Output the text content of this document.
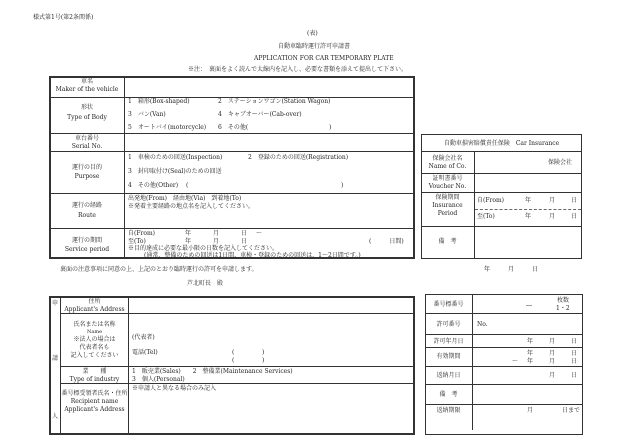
様式第1号(第2条関係)
(表)
自動車臨時運行許可申請書
APPLICATION FOR CAR TEMPORARY PLATE
※注：　裏面をよく読んで太線内を記入し、必要な書類を添えて提出して下さい。
車名
Maker of the vehicle
形状
Type of Body
1　箱形(Box-shaped)	2　ステーションワゴン(Station Wagon)
3　バン(Van)	4　キャブオーバー(Cab-over)
5　オートバイ(motorcycle) 6　その他(	)
車台番号
Serial No.
運行の目的
Purpose
1　車検のための回送(Inspection)	2　登録のための回送(Registration)
3　封印取付け(Seal)のための回送
4　その他(Other)　 (	)
運行の経路
Route
出発地(From)　経由地(Via)　到着地(To)
※発着主要経路の地点名を記入してください。
運行の期間
Service period
自(From)	年	月	日 ～
至(To)	年	月	日	(　　　日間)
※目的達成に必要な最小限の日数を記入してください。
(通常、整備のための回送は1日間、車検・登録のための回送は、1～2日間です。)
自動車損害賠償責任保険　Car Insurance
保険会社名
Name of Co.
保険会社
証明書番号
Voucher No.
保険期間
Insurance
Period
自(From)	年	月	日
至(To)	年	月	日
備　考
裏面の注意事項に同意の上、上記のとおり臨時運行の許可を申請します。	年	月	日
芦北町長　殿
申
請
人
住所
Applicant's Address
氏名または名称
Name
※法人の場合は
代表者名も
記入してください
(代表者)
電話(Tel)	(	)
(	)
業　　種
Type of industry
1　販売業(Sales)　　2　整備業(Maintenance Services)
3　個人(Personal)
番号標受領者氏名・住所
Recipient name
Applicant's Address
※申請人と異なる場合のみ記入
番号標番号	―
枚数
1・2
許可番号	No.
許可年月日	年	月	日
有効期間	年	月	日
～ 年	月	日
返納月日	月	日
備　考
返納期限	月	日まで
